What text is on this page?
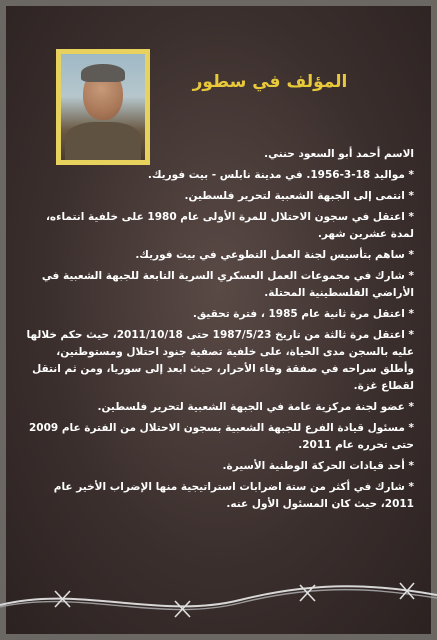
المؤلف في سطور

الاسم أحمد أبو السعود حنني.

* مواليد 18-3-1956. في مدينة نابلس - بيت فوريك.

* انتمى إلى الجبهة الشعبية لتحرير فلسطين.

* اعتقل في سجون الاحتلال للمرة الأولى عام 1980 على خلفية انتماءه، لمدة عشرين شهر.

* ساهم بتأسيس لجنة العمل التطوعي في بيت فوريك.

* شارك في مجموعات العمل العسكري السرية التابعة للجبهة الشعبية في الأراضي الفلسطينية المحتلة.

* اعتقل مرة ثانية عام 1985 ، فترة تحقيق.

* اعتقل مرة ثالثة من تاريخ 1987/5/23 حتى 2011/10/18، حيث حكم خلالها عليه بالسجن مدى الحياة، على خلفية تصفية جنود احتلال ومستوطنين، وأطلق سراحه في صفقة وفاء الأحرار، حيث ابعد إلى سوريا، ومن ثم انتقل لقطاع غزة.

* عضو لجنة مركزية عامة في الجبهة الشعبية لتحرير فلسطين.

* مسئول قيادة الفرع للجبهة الشعبية بسجون الاحتلال من الفترة عام 2009 حتى تحرره عام 2011.

* أحد قيادات الحركة الوطنية الأسيرة.

* شارك في أكثر من ستة اضرابات استراتيجية منها الإضراب الأخير عام 2011، حيث كان المسئول الأول عنه.
